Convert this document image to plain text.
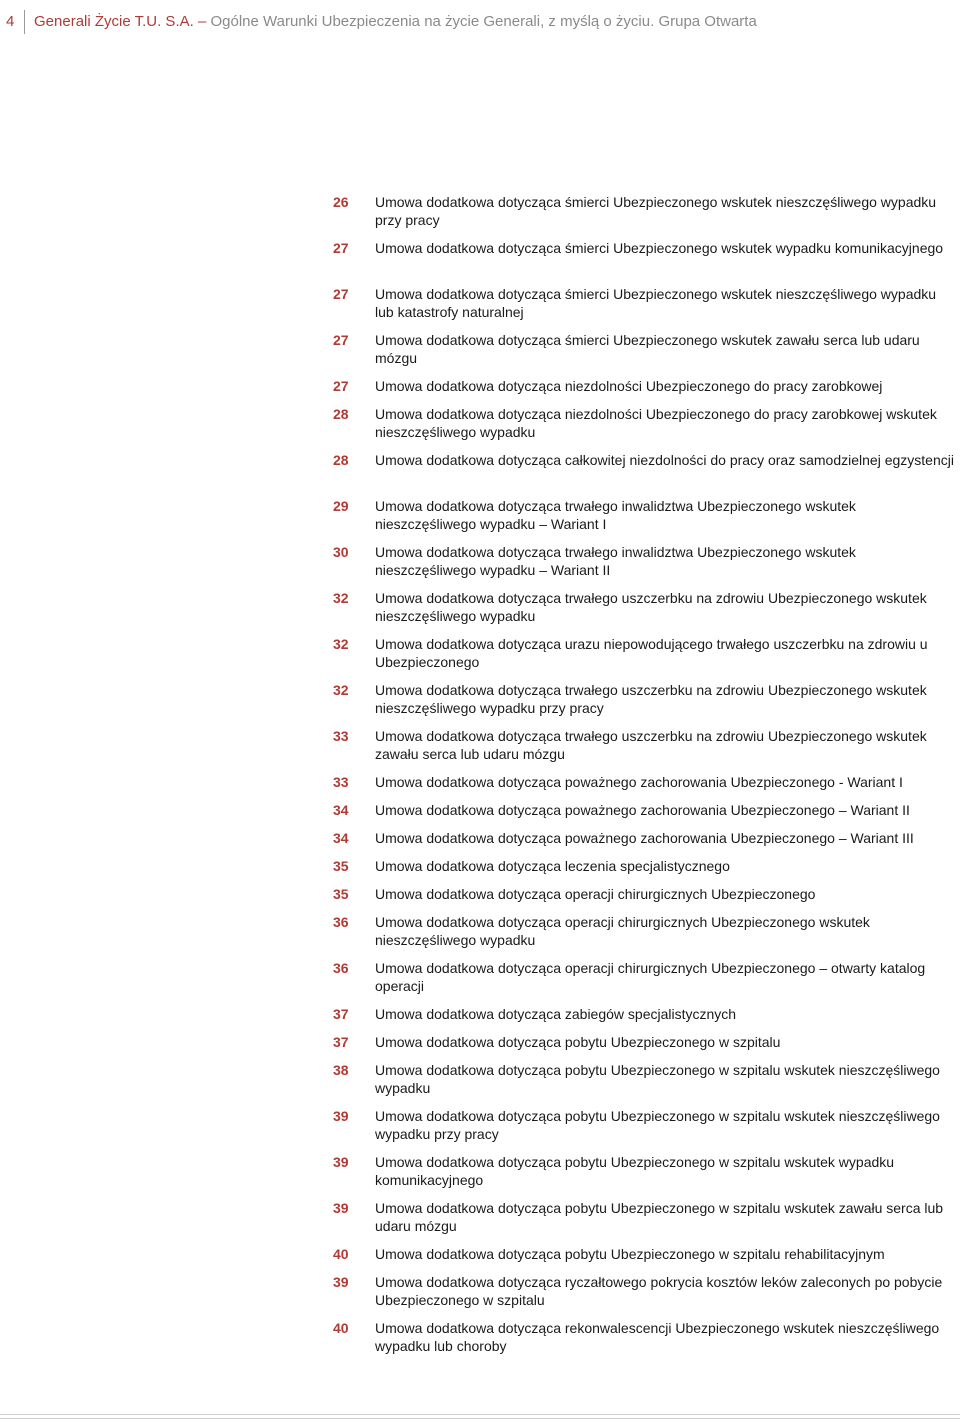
4 Generali Życie T.U. S.A. – Ogólne Warunki Ubezpieczenia na życie Generali, z myślą o życiu. Grupa Otwarta
26 Umowa dodatkowa dotycząca śmierci Ubezpieczonego wskutek nieszczęśliwego wypadku przy pracy
27 Umowa dodatkowa dotycząca śmierci Ubezpieczonego wskutek wypadku komunikacyjnego
27 Umowa dodatkowa dotycząca śmierci Ubezpieczonego wskutek nieszczęśliwego wypadku lub katastrofy naturalnej
27 Umowa dodatkowa dotycząca śmierci Ubezpieczonego wskutek zawału serca lub udaru mózgu
27 Umowa dodatkowa dotycząca niezdolności Ubezpieczonego do pracy zarobkowej
28 Umowa dodatkowa dotycząca niezdolności Ubezpieczonego do pracy zarobkowej wskutek nieszczęśliwego wypadku
28 Umowa dodatkowa dotycząca całkowitej niezdolności do pracy oraz samodzielnej egzystencji
29 Umowa dodatkowa dotycząca trwałego inwalidztwa Ubezpieczonego wskutek nieszczęśliwego wypadku – Wariant I
30 Umowa dodatkowa dotycząca trwałego inwalidztwa Ubezpieczonego wskutek nieszczęśliwego wypadku – Wariant II
32 Umowa dodatkowa dotycząca trwałego uszczerbku na zdrowiu Ubezpieczonego wskutek nieszczęśliwego wypadku
32 Umowa dodatkowa dotycząca urazu niepowodującego trwałego uszczerbku na zdrowiu u Ubezpieczonego
32 Umowa dodatkowa dotycząca trwałego uszczerbku na zdrowiu Ubezpieczonego wskutek nieszczęśliwego wypadku przy pracy
33 Umowa dodatkowa dotycząca trwałego uszczerbku na zdrowiu Ubezpieczonego wskutek zawału serca lub udaru mózgu
33 Umowa dodatkowa dotycząca poważnego zachorowania Ubezpieczonego - Wariant I
34 Umowa dodatkowa dotycząca poważnego zachorowania Ubezpieczonego – Wariant II
34 Umowa dodatkowa dotycząca poważnego zachorowania Ubezpieczonego – Wariant III
35 Umowa dodatkowa dotycząca leczenia specjalistycznego
35 Umowa dodatkowa dotycząca operacji chirurgicznych Ubezpieczonego
36 Umowa dodatkowa dotycząca operacji chirurgicznych Ubezpieczonego wskutek nieszczęśliwego wypadku
36 Umowa dodatkowa dotycząca operacji chirurgicznych Ubezpieczonego – otwarty katalog operacji
37 Umowa dodatkowa dotycząca zabiegów specjalistycznych
37 Umowa dodatkowa dotycząca pobytu Ubezpieczonego w szpitalu
38 Umowa dodatkowa dotycząca pobytu Ubezpieczonego w szpitalu wskutek nieszczęśliwego wypadku
39 Umowa dodatkowa dotycząca pobytu Ubezpieczonego w szpitalu wskutek nieszczęśliwego wypadku przy pracy
39 Umowa dodatkowa dotycząca pobytu Ubezpieczonego w szpitalu wskutek wypadku komunikacyjnego
39 Umowa dodatkowa dotycząca pobytu Ubezpieczonego w szpitalu wskutek zawału serca lub udaru mózgu
40 Umowa dodatkowa dotycząca pobytu Ubezpieczonego w szpitalu rehabilitacyjnym
39 Umowa dodatkowa dotycząca ryczałtowego pokrycia kosztów leków zaleconych po pobycie Ubezpieczonego w szpitalu
40 Umowa dodatkowa dotycząca rekonwalescencji Ubezpieczonego wskutek nieszczęśliwego wypadku lub choroby
